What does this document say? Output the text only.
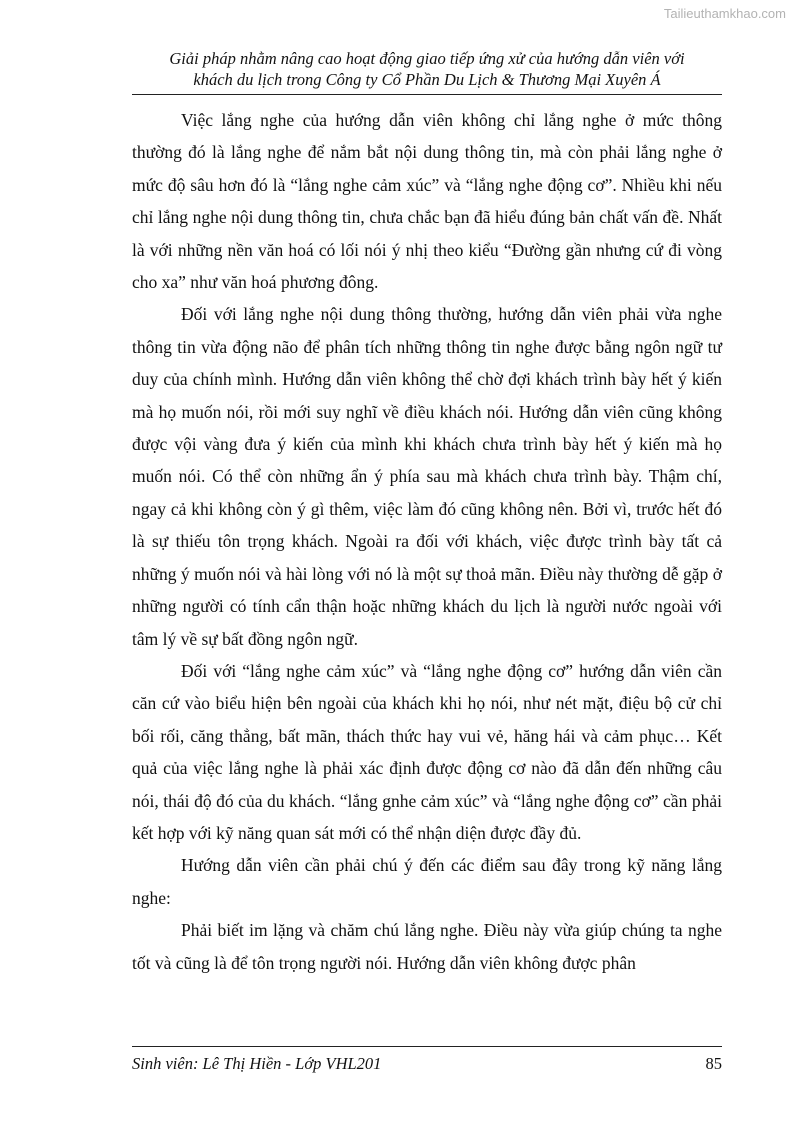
Tailieuthamkhao.com
Giải pháp nhằm nâng cao hoạt động giao tiếp ứng xử của hướng dẫn viên với
khách du lịch trong Công ty Cổ Phần Du Lịch & Thương Mại Xuyên Á

Việc lắng nghe của hướng dẫn viên không chỉ lắng nghe ở mức thông thường đó là lắng nghe để nắm bắt nội dung thông tin, mà còn phải lắng nghe ở mức độ sâu hơn đó là “lắng nghe cảm xúc” và “lắng nghe động cơ”. Nhiều khi nếu chỉ lắng nghe nội dung thông tin, chưa chắc bạn đã hiểu đúng bản chất vấn đề. Nhất là với những nền văn hoá có lối nói ý nhị theo kiểu “Đường gần nhưng cứ đi vòng cho xa” như văn hoá phương đông.

Đối với lắng nghe nội dung thông thường, hướng dẫn viên phải vừa nghe thông tin vừa động não để phân tích những thông tin nghe được bằng ngôn ngữ tư duy của chính mình. Hướng dẫn viên không thể chờ đợi khách trình bày hết ý kiến mà họ muốn nói, rồi mới suy nghĩ về điều khách nói. Hướng dẫn viên cũng không được vội vàng đưa ý kiến của mình khi khách chưa trình bày hết ý kiến mà họ muốn nói. Có thể còn những ẩn ý phía sau mà khách chưa trình bày. Thậm chí, ngay cả khi không còn ý gì thêm, việc làm đó cũng không nên. Bởi vì, trước hết đó là sự thiếu tôn trọng khách. Ngoài ra đối với khách, việc được trình bày tất cả những ý muốn nói và hài lòng với nó là một sự thoả mãn. Điều này thường dễ gặp ở những người có tính cẩn thận hoặc những khách du lịch là người nước ngoài với tâm lý về sự bất đồng ngôn ngữ.

Đối với “lắng nghe cảm xúc” và “lắng nghe động cơ” hướng dẫn viên cần căn cứ vào biểu hiện bên ngoài của khách khi họ nói, như nét mặt, điệu bộ cử chỉ bối rối, căng thẳng, bất mãn, thách thức hay vui vẻ, hăng hái và cảm phục… Kết quả của việc lắng nghe là phải xác định được động cơ nào đã dẫn đến những câu nói, thái độ đó của du khách. “lắng gnhe cảm xúc” và “lắng nghe động cơ” cần phải kết hợp với kỹ năng quan sát mới có thể nhận diện được đầy đủ.

Hướng dẫn viên cần phải chú ý đến các điểm sau đây trong kỹ năng lắng nghe:

Phải biết im lặng và chăm chú lắng nghe. Điều này vừa giúp chúng ta nghe tốt và cũng là để tôn trọng người nói. Hướng dẫn viên không được phân

Sinh viên: Lê Thị Hiền - Lớp VHL201	85
